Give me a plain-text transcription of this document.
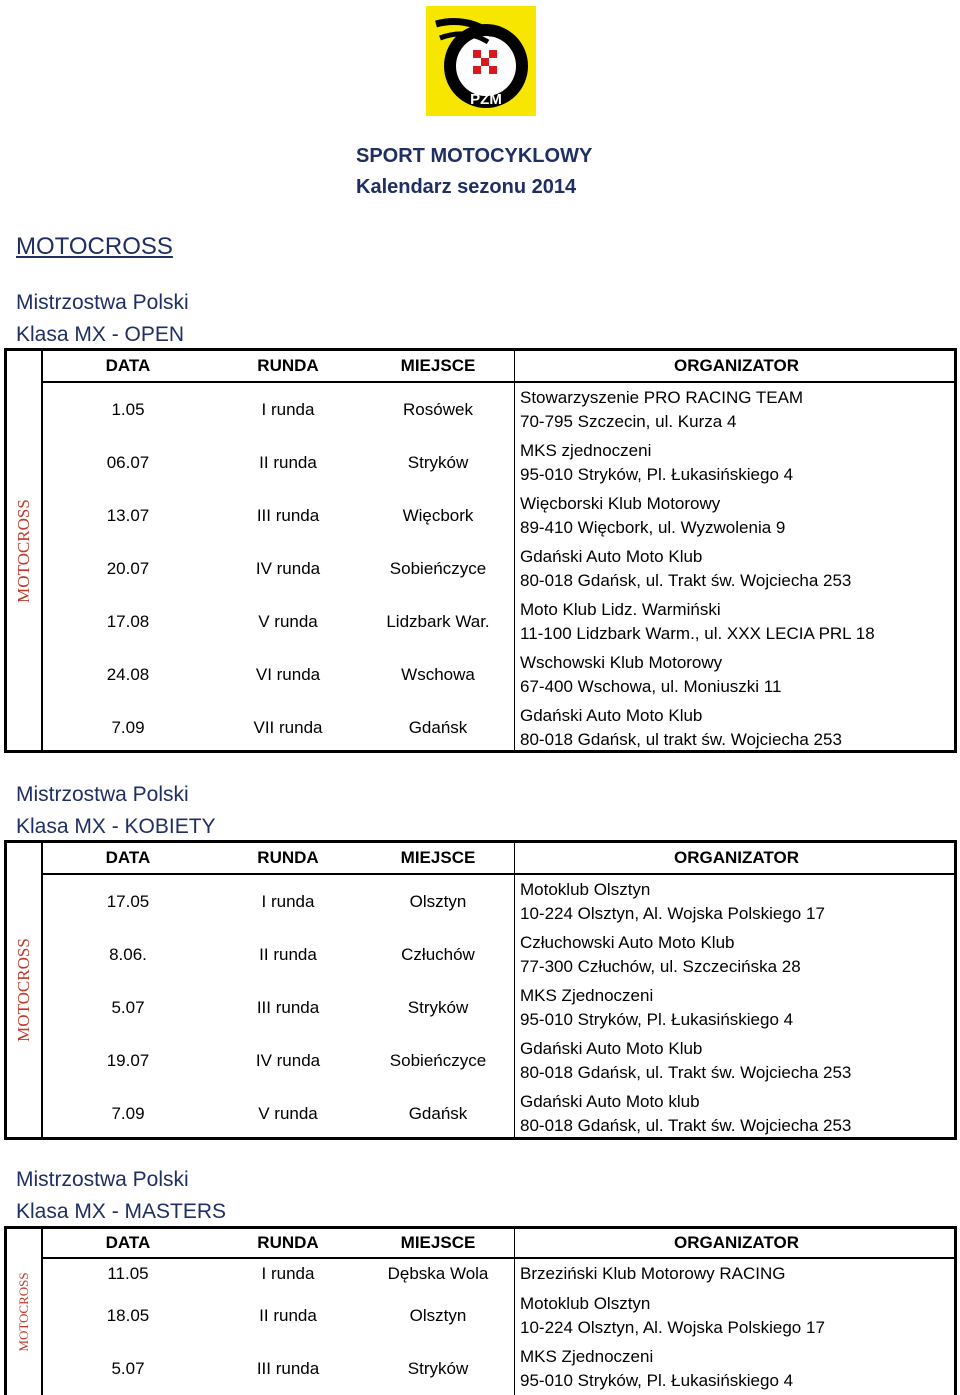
PZM
SPORT MOTOCYKLOWY
Kalendarz sezonu 2014
MOTOCROSS
Mistrzostwa Polski
Klasa MX - OPEN
MOTOCROSS
DATA	RUNDA	MIEJSCE	ORGANIZATOR
1.05	I runda	Rosówek
Stowarzyszenie PRO RACING TEAM
70-795 Szczecin, ul. Kurza 4
06.07	II runda	Stryków
MKS zjednoczeni
95-010 Stryków, Pl. Łukasińskiego 4
13.07	III runda	Więcbork
Więcborski Klub Motorowy
89-410 Więcbork, ul. Wyzwolenia 9
20.07	IV runda	Sobieńczyce
Gdański Auto Moto Klub
80-018 Gdańsk, ul. Trakt św. Wojciecha 253
17.08	V runda	Lidzbark War.
Moto Klub Lidz. Warmiński
11-100 Lidzbark Warm., ul. XXX LECIA PRL 18
24.08	VI runda	Wschowa
Wschowski Klub Motorowy
67-400 Wschowa, ul. Moniuszki 11
7.09	VII runda	Gdańsk
Gdański Auto Moto Klub
80-018 Gdańsk, ul trakt św. Wojciecha 253
Mistrzostwa Polski
Klasa MX - KOBIETY
MOTOCROSS
DATA	RUNDA	MIEJSCE	ORGANIZATOR
17.05	I runda	Olsztyn
Motoklub Olsztyn
10-224 Olsztyn, Al. Wojska Polskiego 17
8.06.	II runda	Człuchów
Człuchowski Auto Moto Klub
77-300 Człuchów, ul. Szczecińska 28
5.07	III runda	Stryków
MKS Zjednoczeni
95-010 Stryków, Pl. Łukasińskiego 4
19.07	IV runda	Sobieńczyce
Gdański Auto Moto Klub
80-018 Gdańsk, ul. Trakt św. Wojciecha 253
7.09	V runda	Gdańsk
Gdański Auto Moto klub
80-018 Gdańsk, ul. Trakt św. Wojciecha 253
Mistrzostwa Polski
Klasa MX - MASTERS
MOTOCROSS
DATA	RUNDA	MIEJSCE	ORGANIZATOR
11.05	I runda	Dębska Wola	Brzeziński Klub Motorowy RACING
18.05	II runda	Olsztyn
Motoklub Olsztyn
10-224 Olsztyn, Al. Wojska Polskiego 17
5.07	III runda	Stryków
MKS Zjednoczeni
95-010 Stryków, Pl. Łukasińskiego 4
